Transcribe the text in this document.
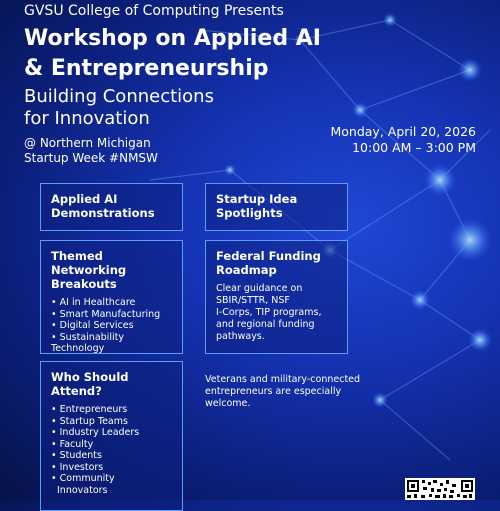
GVSU College of Computing Presents
Workshop on Applied AI
& Entrepreneurship
Building Connections
for Innovation
@ Northern Michigan
Startup Week #NMSW
Monday, April 20, 2026
10:00 AM – 3:00 PM
Applied AI
Demonstrations
Startup Idea
Spotlights
Themed Networking
Breakouts
• AI in Healthcare
• Smart Manufacturing
• Digital Services
• Sustainability
Technology
Federal Funding
Roadmap
Clear guidance on
SBIR/STTR, NSF
I-Corps, TIP programs,
and regional funding
pathways.
Who Should
Attend?
• Entrepreneurs
• Startup Teams
• Industry Leaders
• Faculty
• Students
• Investors
• Community
Innovators
Veterans and military-connected
entrepreneurs are especially
welcome.
